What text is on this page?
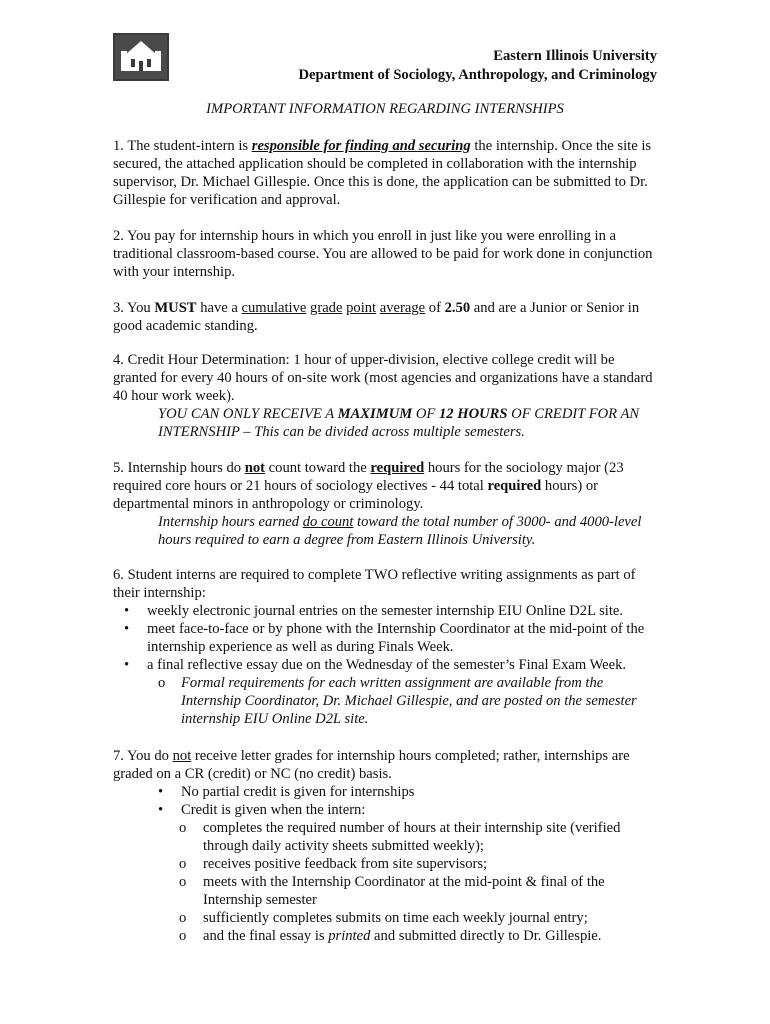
Eastern Illinois University
Department of Sociology, Anthropology, and Criminology
IMPORTANT INFORMATION REGARDING INTERNSHIPS

1. The student-intern is responsible for finding and securing the internship. Once the site is secured, the attached application should be completed in collaboration with the internship supervisor, Dr. Michael Gillespie. Once this is done, the application can be submitted to Dr. Gillespie for verification and approval.

2. You pay for internship hours in which you enroll in just like you were enrolling in a traditional classroom-based course. You are allowed to be paid for work done in conjunction with your internship.

3. You MUST have a cumulative grade point average of 2.50 and are a Junior or Senior in good academic standing.

4. Credit Hour Determination: 1 hour of upper-division, elective college credit will be granted for every 40 hours of on-site work (most agencies and organizations have a standard 40 hour work week).

YOU CAN ONLY RECEIVE A MAXIMUM OF 12 HOURS OF CREDIT FOR AN INTERNSHIP – This can be divided across multiple semesters.

5. Internship hours do not count toward the required hours for the sociology major (23 required core hours or 21 hours of sociology electives - 44 total required hours) or departmental minors in anthropology or criminology.

Internship hours earned do count toward the total number of 3000- and 4000-level hours required to earn a degree from Eastern Illinois University.

6. Student interns are required to complete TWO reflective writing assignments as part of their internship:

• weekly electronic journal entries on the semester internship EIU Online D2L site.
• meet face-to-face or by phone with the Internship Coordinator at the mid-point of the internship experience as well as during Finals Week.
• a final reflective essay due on the Wednesday of the semester’s Final Exam Week.
o Formal requirements for each written assignment are available from the Internship Coordinator, Dr. Michael Gillespie, and are posted on the semester internship EIU Online D2L site.

7. You do not receive letter grades for internship hours completed; rather, internships are graded on a CR (credit) or NC (no credit) basis.

• No partial credit is given for internships
• Credit is given when the intern:
o completes the required number of hours at their internship site (verified through daily activity sheets submitted weekly);
o receives positive feedback from site supervisors;
o meets with the Internship Coordinator at the mid-point & final of the Internship semester
o sufficiently completes submits on time each weekly journal entry;
o and the final essay is printed and submitted directly to Dr. Gillespie.
